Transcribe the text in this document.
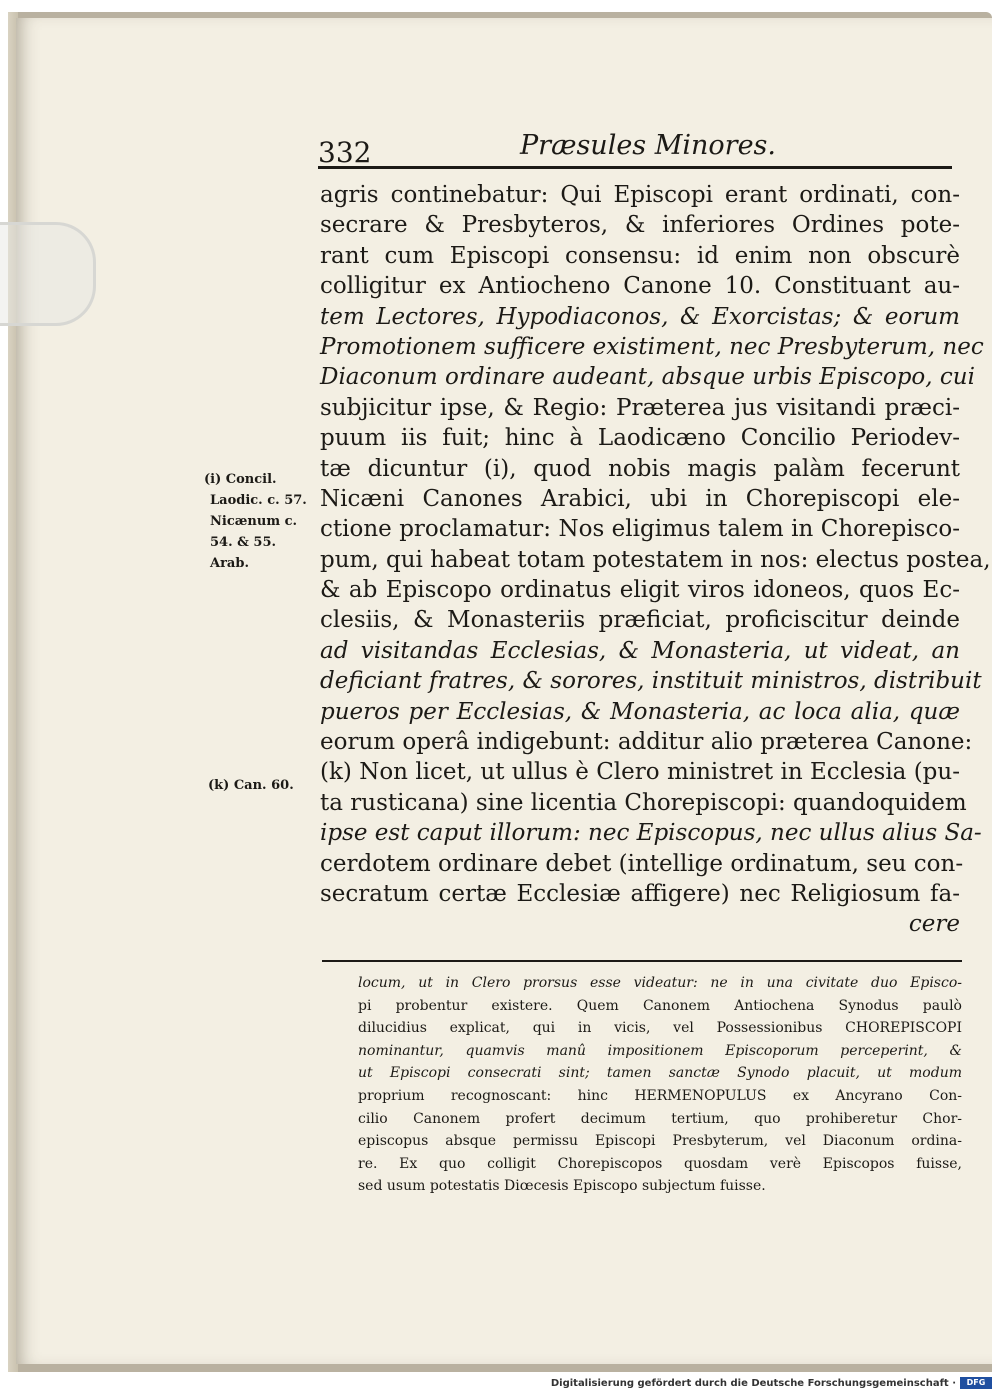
332	Præsules Minores.
(i) Concil.
Laodic. c. 57.
Nicænum c.
54. & 55.
Arab.
(k) Can. 60.
agris continebatur: Qui Episcopi erant ordinati, con-
secrare & Presbyteros, & inferiores Ordines pote-
rant cum Episcopi consensu: id enim non obscurè
colligitur ex Antiocheno Canone 10. Constituant au-
tem Lectores, Hypodiaconos, & Exorcistas; & eorum
Promotionem sufficere existiment, nec Presbyterum, nec
Diaconum ordinare audeant, absque urbis Episcopo, cui
subjicitur ipse, & Regio: Præterea jus visitandi præci-
puum iis fuit; hinc à Laodicæno Concilio Periodev-
tæ dicuntur (i), quod nobis magis palàm fecerunt
Nicæni Canones Arabici, ubi in Chorepiscopi ele-
ctione proclamatur: Nos eligimus talem in Chorepisco-
pum, qui habeat totam potestatem in nos: electus postea,
& ab Episcopo ordinatus eligit viros idoneos, quos Ec-
clesiis, & Monasteriis præficiat, proficiscitur deinde
ad visitandas Ecclesias, & Monasteria, ut videat, an
deficiant fratres, & sorores, instituit ministros, distribuit
pueros per Ecclesias, & Monasteria, ac loca alia, quæ
eorum operâ indigebunt: additur alio præterea Canone:
(k) Non licet, ut ullus è Clero ministret in Ecclesia (pu-
ta rusticana) sine licentia Chorepiscopi: quandoquidem
ipse est caput illorum: nec Episcopus, nec ullus alius Sa-
cerdotem ordinare debet (intellige ordinatum, seu con-
secratum certæ Ecclesiæ affigere) nec Religiosum fa-
cere
locum, ut in Clero prorsus esse videatur: ne in una civitate duo Episco-
pi probentur existere. Quem Canonem Antiochena Synodus paulò
dilucidius explicat, qui in vicis, vel Possessionibus CHOREPISCOPI
nominantur, quamvis manû impositionem Episcoporum perceperint, &
ut Episcopi consecrati sint; tamen sanctæ Synodo placuit, ut modum
proprium recognoscant: hinc HERMENOPULUS ex Ancyrano Con-
cilio Canonem profert decimum tertium, quo prohiberetur Chor-
episcopus absque permissu Episcopi Presbyterum, vel Diaconum ordina-
re. Ex quo colligit Chorepiscopos quosdam verè Episcopos fuisse,
sed usum potestatis Diœcesis Episcopo subjectum fuisse.
Digitalisierung gefördert durch die Deutsche Forschungsgemeinschaft ·	DFG
